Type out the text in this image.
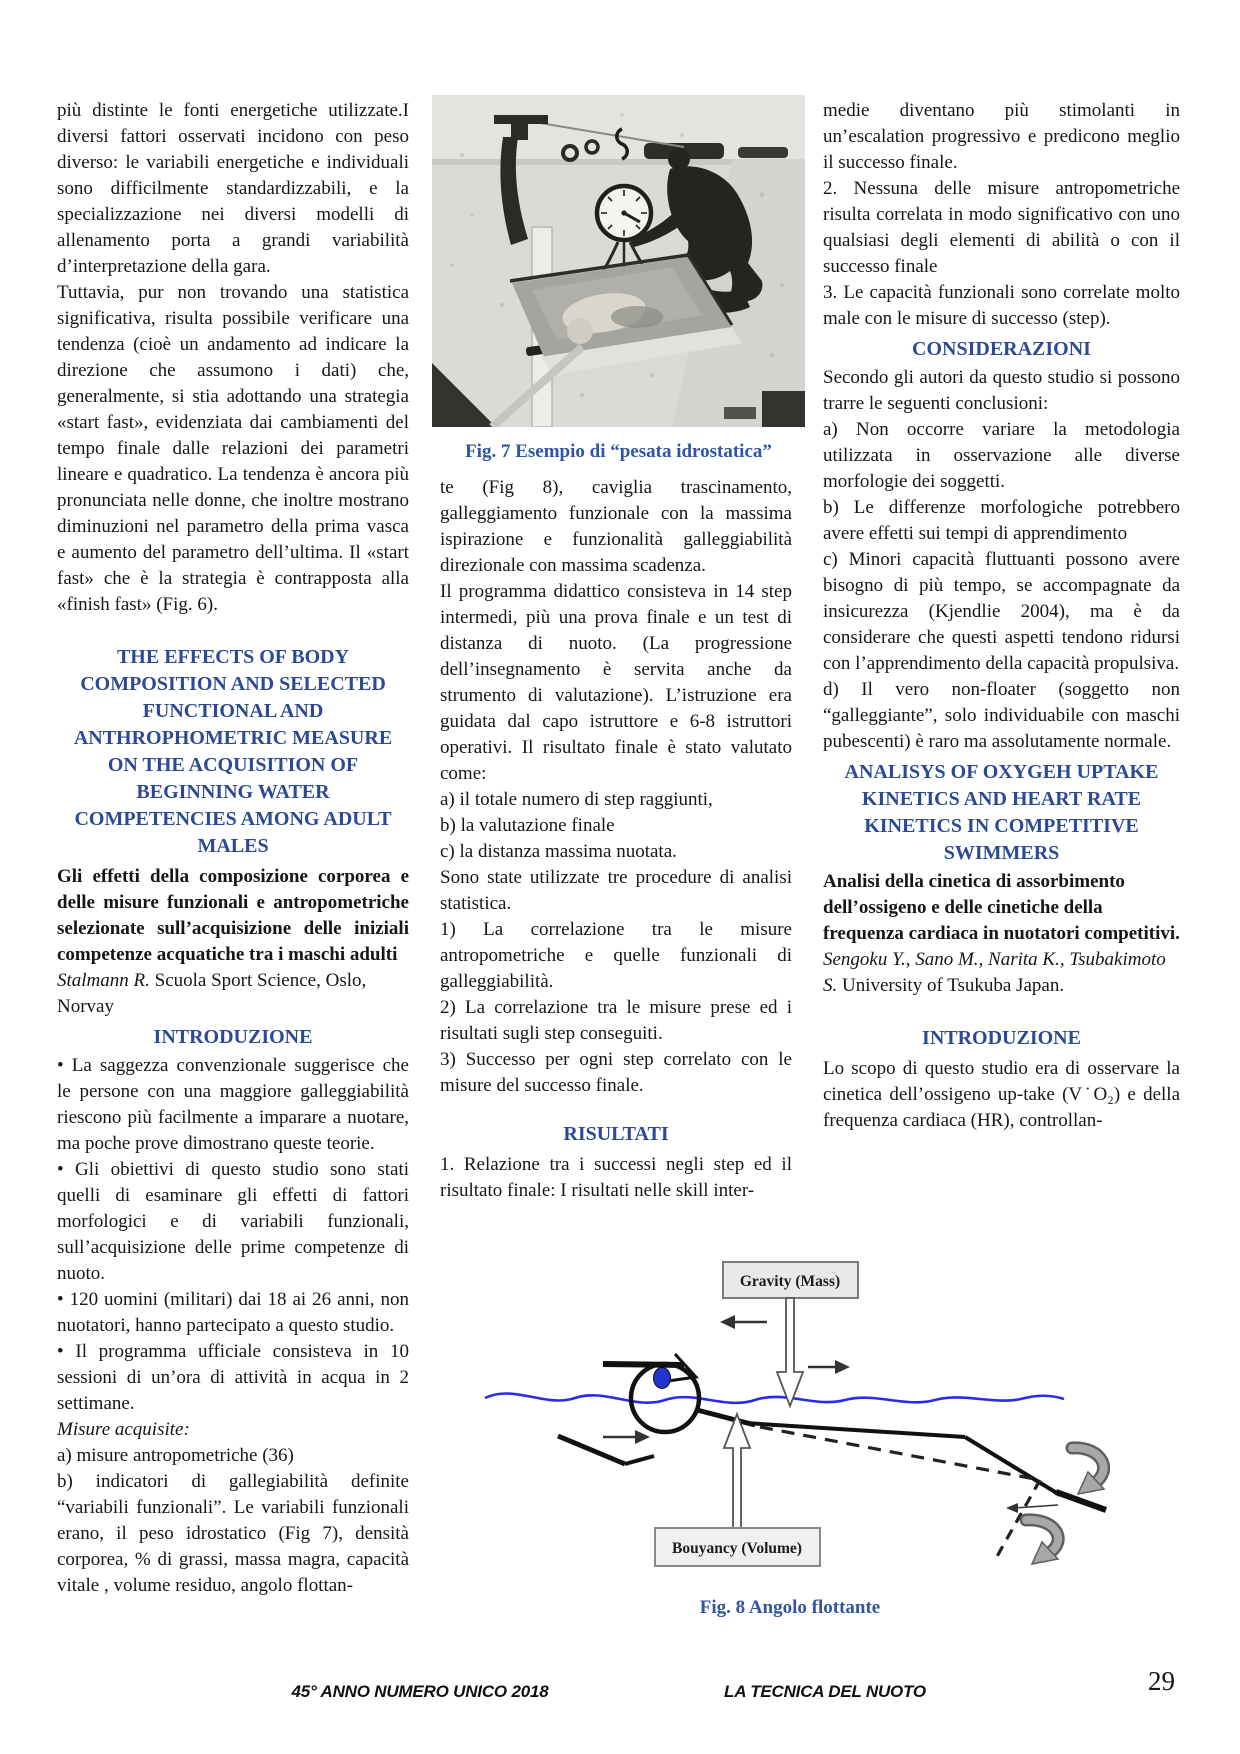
più distinte le fonti energetiche utilizzate.I diversi fattori osservati incidono con peso diverso: le variabili energetiche e individuali sono difficilmente standardizzabili, e la specializzazione nei diversi modelli di allenamento porta a grandi variabilità d’interpretazione della gara.

Tuttavia, pur non trovando una statistica significativa, risulta possibile verificare una tendenza (cioè un andamento ad indicare la direzione che assumono i dati) che, generalmente, si stia adottando una strategia «start fast», evidenziata dai cambiamenti del tempo finale dalle relazioni dei parametri lineare e quadratico. La tendenza è ancora più pronunciata nelle donne, che inoltre mostrano diminuzioni nel parametro della prima vasca e aumento del parametro dell’ultima. Il «start fast» che è la strategia è contrapposta alla «finish fast» (Fig. 6).

THE EFFECTS OF BODY COMPOSITION AND SELECTED FUNCTIONAL AND ANTHROPHOMETRIC MEASURE ON THE ACQUISITION OF BEGINNING WATER COMPETENCIES AMONG ADULT MALES

Gli effetti della composizione corporea e delle misure funzionali e antropometriche selezionate sull’acquisizione delle iniziali competenze acquatiche tra i maschi adulti

Stalmann R. Scuola Sport Science, Oslo, Norvay

INTRODUZIONE

• La saggezza convenzionale suggerisce che le persone con una maggiore galleggiabilità riescono più facilmente a imparare a nuotare, ma poche prove dimostrano queste teorie.

• Gli obiettivi di questo studio sono stati quelli di esaminare gli effetti di fattori morfologici e di variabili funzionali, sull’acquisizione delle prime competenze di nuoto.

• 120 uomini (militari) dai 18 ai 26 anni, non nuotatori, hanno partecipato a questo studio.

• Il programma ufficiale consisteva in 10 sessioni di un’ora di attività in acqua in 2 settimane.

Misure acquisite:

a) misure antropometriche (36)

b) indicatori di gallegiabilità definite “variabili funzionali”. Le variabili funzionali erano, il peso idrostatico (Fig 7), densità corporea, % di grassi, massa magra, capacità vitale , volume residuo, angolo flottan-

Fig. 7 Esempio di “pesata idrostatica”

te (Fig 8), caviglia trascinamento, galleggiamento funzionale con la massima ispirazione e funzionalità galleggiabilità direzionale con massima scadenza.

Il programma didattico consisteva in 14 step intermedi, più una prova finale e un test di distanza di nuoto. (La progressione dell’insegnamento è servita anche da strumento di valutazione). L’istruzione era guidata dal capo istruttore e 6-8 istruttori operativi. Il risultato finale è stato valutato come:

a) il totale numero di step raggiunti,

b) la valutazione finale

c) la distanza massima nuotata.

Sono state utilizzate tre procedure di analisi statistica.

1) La correlazione tra le misure antropometriche e quelle funzionali di galleggiabilità.

2) La correlazione tra le misure prese ed i risultati sugli step conseguiti.

3) Successo per ogni step correlato con le misure del successo finale.

RISULTATI

1. Relazione tra i successi negli step ed il risultato finale: I risultati nelle skill inter-

medie diventano più stimolanti in un’escalation progressivo e predicono meglio il successo finale.

2. Nessuna delle misure antropometriche risulta correlata in modo significativo con uno qualsiasi degli elementi di abilità o con il successo finale

3. Le capacità funzionali sono correlate molto male con le misure di successo (step).

CONSIDERAZIONI

Secondo gli autori da questo studio si possono trarre le seguenti conclusioni:

a) Non occorre variare la metodologia utilizzata in osservazione alle diverse morfologie dei soggetti.

b) Le differenze morfologiche potrebbero avere effetti sui tempi di apprendimento

c) Minori capacità fluttuanti possono avere bisogno di più tempo, se accompagnate da insicurezza (Kjendlie 2004), ma è da considerare che questi aspetti tendono ridursi con l’apprendimento della capacità propulsiva.

d) Il vero non-floater (soggetto non “galleggiante”, solo individuabile con maschi pubescenti) è raro ma assolutamente normale.

ANALISYS OF OXYGEH UPTAKE KINETICS AND HEART RATE KINETICS IN COMPETITIVE SWIMMERS

Analisi della cinetica di assorbimento dell’ossigeno e delle cinetiche della frequenza cardiaca in nuotatori competitivi.

Sengoku Y., Sano M., Narita K., Tsubakimoto S. University of Tsukuba Japan.

INTRODUZIONE

Lo scopo di questo studio era di osservare la cinetica dell’ossigeno up-take (V˙O₂) e della frequenza cardiaca (HR), controllan-

Gravity (Mass)
Bouyancy (Volume)
Fig. 8 Angolo flottante
45° ANNO NUMERO UNICO 2018	LA TECNICA DEL NUOTO	29
